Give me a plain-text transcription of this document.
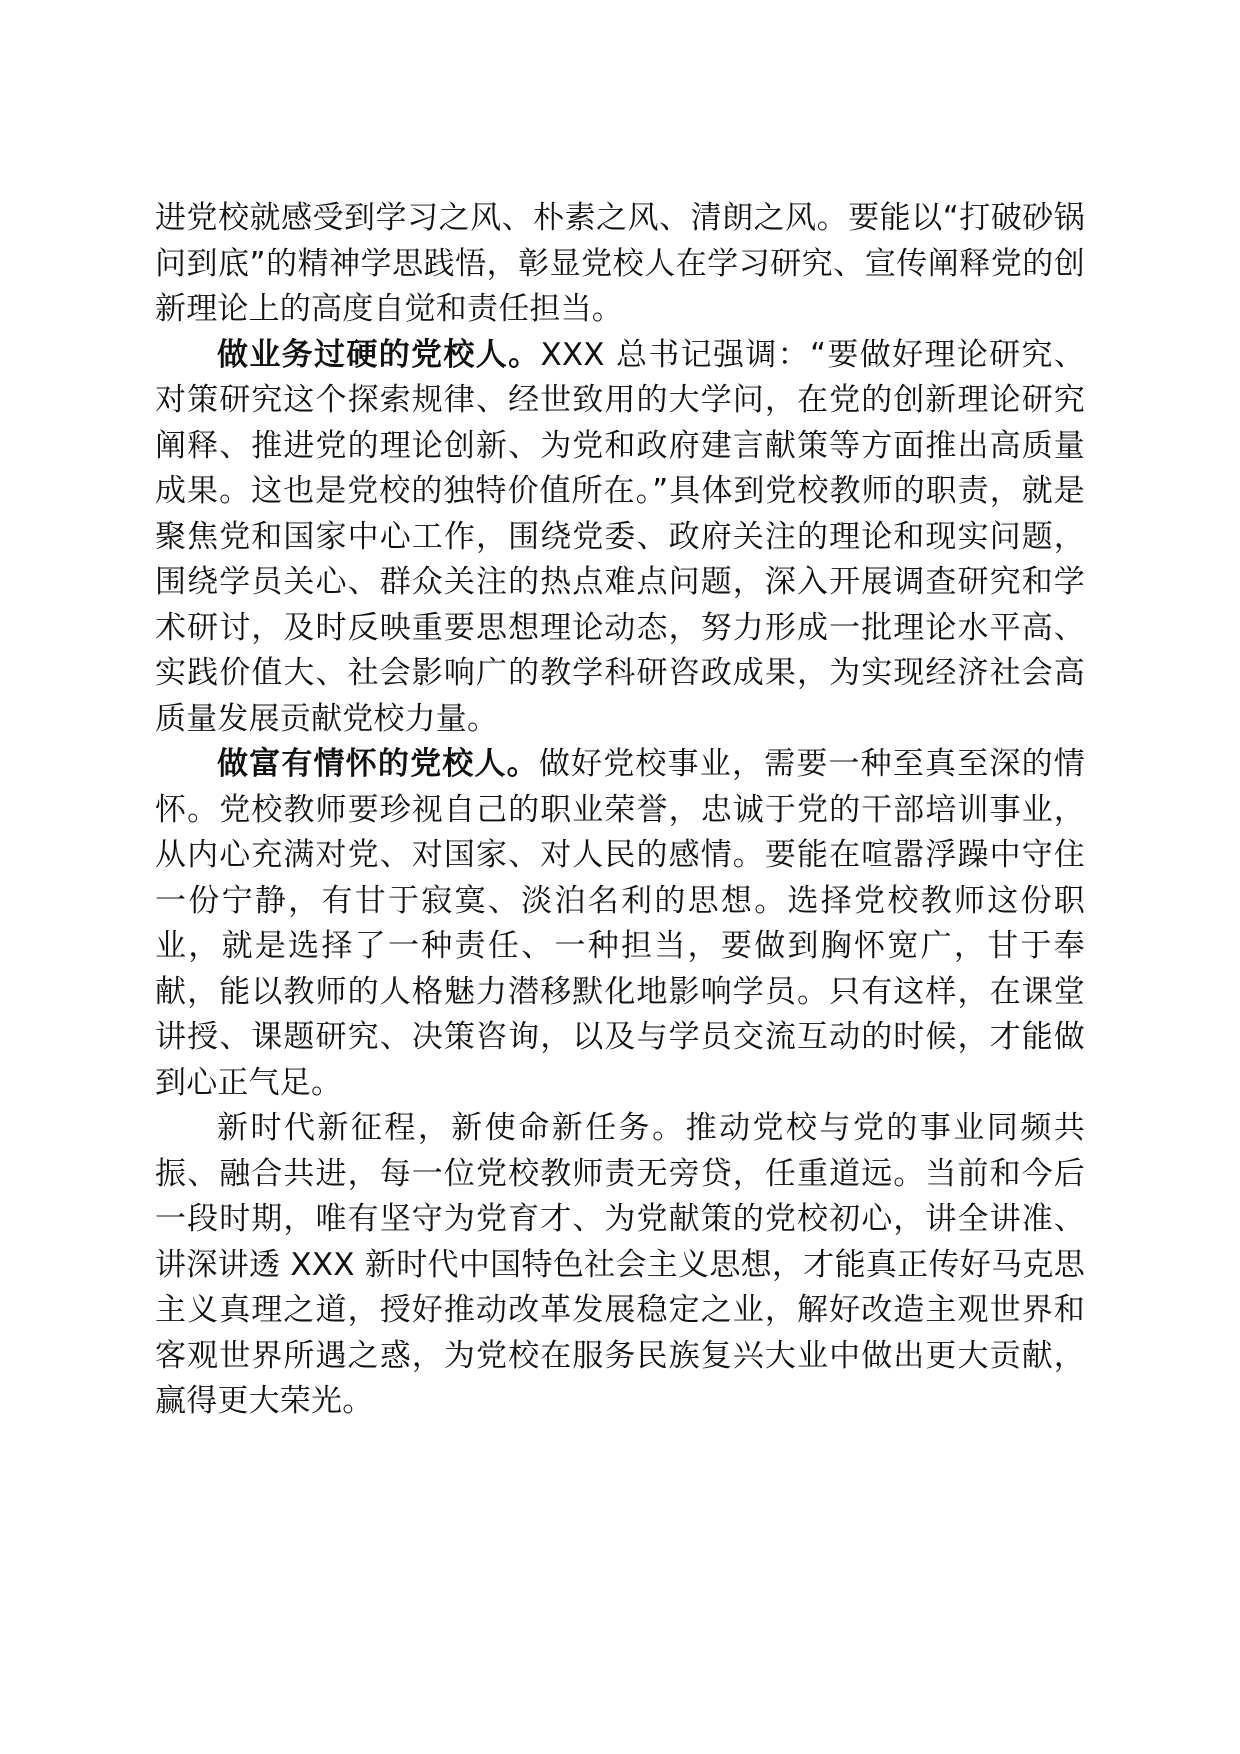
进党校就感受到学习之风、朴素之风、清朗之风。要能以“打破砂锅问到底”的精神学思践悟，彰显党校人在学习研究、宣传阐释党的创新理论上的高度自觉和责任担当。

做业务过硬的党校人。XXX 总书记强调：“要做好理论研究、对策研究这个探索规律、经世致用的大学问，在党的创新理论研究阐释、推进党的理论创新、为党和政府建言献策等方面推出高质量成果。这也是党校的独特价值所在。”具体到党校教师的职责，就是聚焦党和国家中心工作，围绕党委、政府关注的理论和现实问题，围绕学员关心、群众关注的热点难点问题，深入开展调查研究和学术研讨，及时反映重要思想理论动态，努力形成一批理论水平高、实践价值大、社会影响广的教学科研咨政成果，为实现经济社会高质量发展贡献党校力量。

做富有情怀的党校人。做好党校事业，需要一种至真至深的情怀。党校教师要珍视自己的职业荣誉，忠诚于党的干部培训事业，从内心充满对党、对国家、对人民的感情。要能在喧嚣浮躁中守住一份宁静，有甘于寂寞、淡泊名利的思想。选择党校教师这份职业，就是选择了一种责任、一种担当，要做到胸怀宽广，甘于奉献，能以教师的人格魅力潜移默化地影响学员。只有这样，在课堂讲授、课题研究、决策咨询，以及与学员交流互动的时候，才能做到心正气足。

新时代新征程，新使命新任务。推动党校与党的事业同频共振、融合共进，每一位党校教师责无旁贷，任重道远。当前和今后一段时期，唯有坚守为党育才、为党献策的党校初心，讲全讲准、讲深讲透 XXX 新时代中国特色社会主义思想，才能真正传好马克思主义真理之道，授好推动改革发展稳定之业，解好改造主观世界和客观世界所遇之惑，为党校在服务民族复兴大业中做出更大贡献，赢得更大荣光。
